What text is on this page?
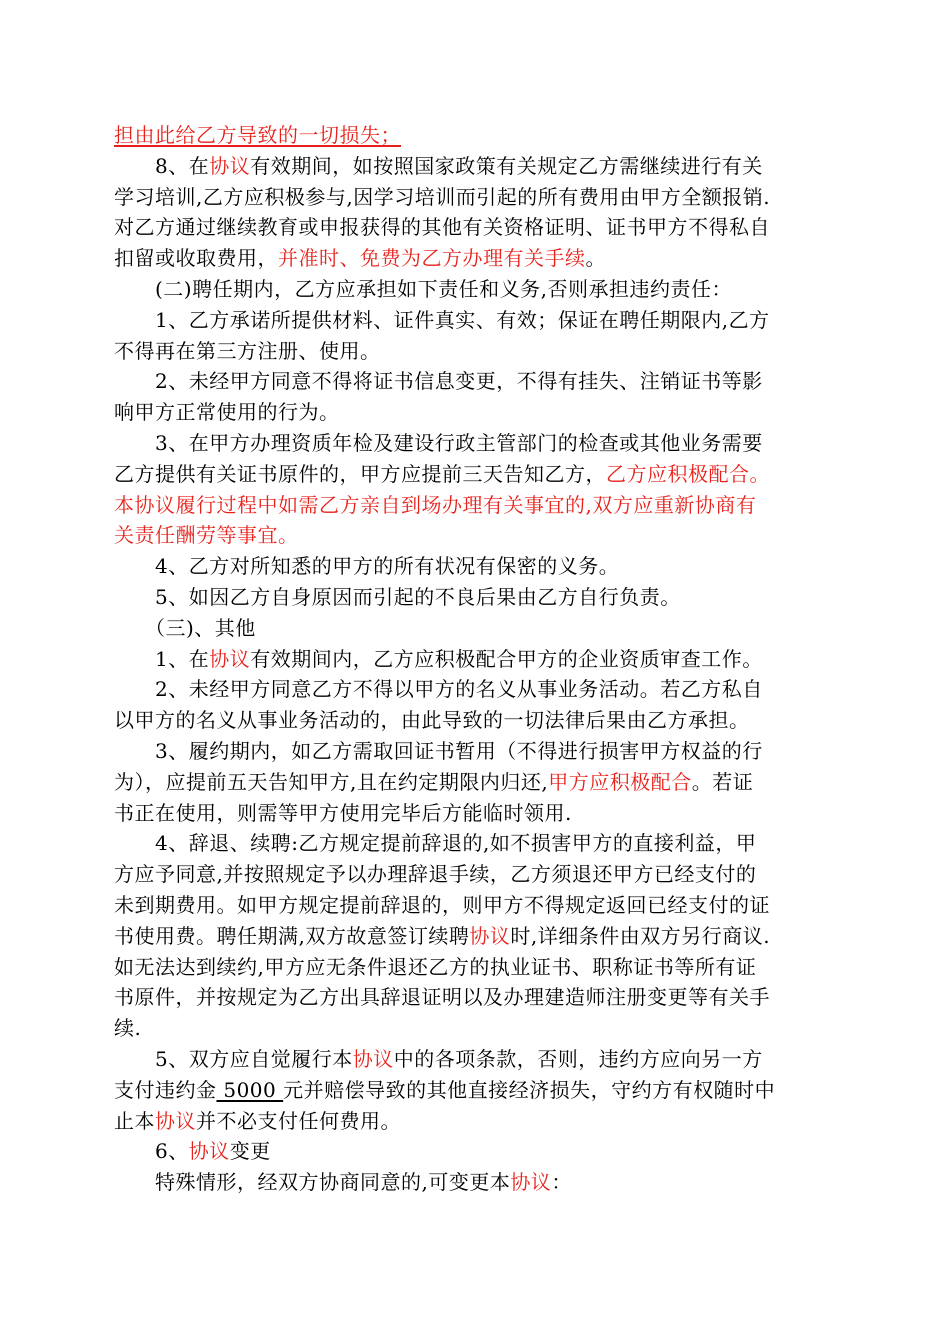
担由此给乙方导致的一切损失；
　　8、在协议有效期间，如按照国家政策有关规定乙方需继续进行有关
学习培训,乙方应积极参与,因学习培训而引起的所有费用由甲方全额报销.
对乙方通过继续教育或申报获得的其他有关资格证明、证书甲方不得私自
扣留或收取费用，并准时、免费为乙方办理有关手续。
　　(二)聘任期内，乙方应承担如下责任和义务,否则承担违约责任：
　　1、乙方承诺所提供材料、证件真实、有效；保证在聘任期限内,乙方
不得再在第三方注册、使用。
　　2、未经甲方同意不得将证书信息变更，不得有挂失、注销证书等影
响甲方正常使用的行为。
　　3、在甲方办理资质年检及建设行政主管部门的检查或其他业务需要
乙方提供有关证书原件的，甲方应提前三天告知乙方，乙方应积极配合。
本协议履行过程中如需乙方亲自到场办理有关事宜的,双方应重新协商有
关责任酬劳等事宜。
　　4、乙方对所知悉的甲方的所有状况有保密的义务。
　　5、如因乙方自身原因而引起的不良后果由乙方自行负责。
　　（三)、其他
　　1、在协议有效期间内，乙方应积极配合甲方的企业资质审查工作。
　　2、未经甲方同意乙方不得以甲方的名义从事业务活动。若乙方私自
以甲方的名义从事业务活动的，由此导致的一切法律后果由乙方承担。
　　3、履约期内，如乙方需取回证书暂用（不得进行损害甲方权益的行
为），应提前五天告知甲方,且在约定期限内归还,甲方应积极配合。若证
书正在使用，则需等甲方使用完毕后方能临时领用.
　　4、辞退、续聘:乙方规定提前辞退的,如不损害甲方的直接利益，甲
方应予同意,并按照规定予以办理辞退手续，乙方须退还甲方已经支付的
未到期费用。如甲方规定提前辞退的，则甲方不得规定返回已经支付的证
书使用费。聘任期满,双方故意签订续聘协议时,详细条件由双方另行商议.
如无法达到续约,甲方应无条件退还乙方的执业证书、职称证书等所有证
书原件，并按规定为乙方出具辞退证明以及办理建造师注册变更等有关手
续.
　　5、双方应自觉履行本协议中的各项条款，否则，违约方应向另一方
支付违约金 5000 元并赔偿导致的其他直接经济损失，守约方有权随时中
止本协议并不必支付任何费用。
　　6、协议变更
　　特殊情形，经双方协商同意的,可变更本协议：
